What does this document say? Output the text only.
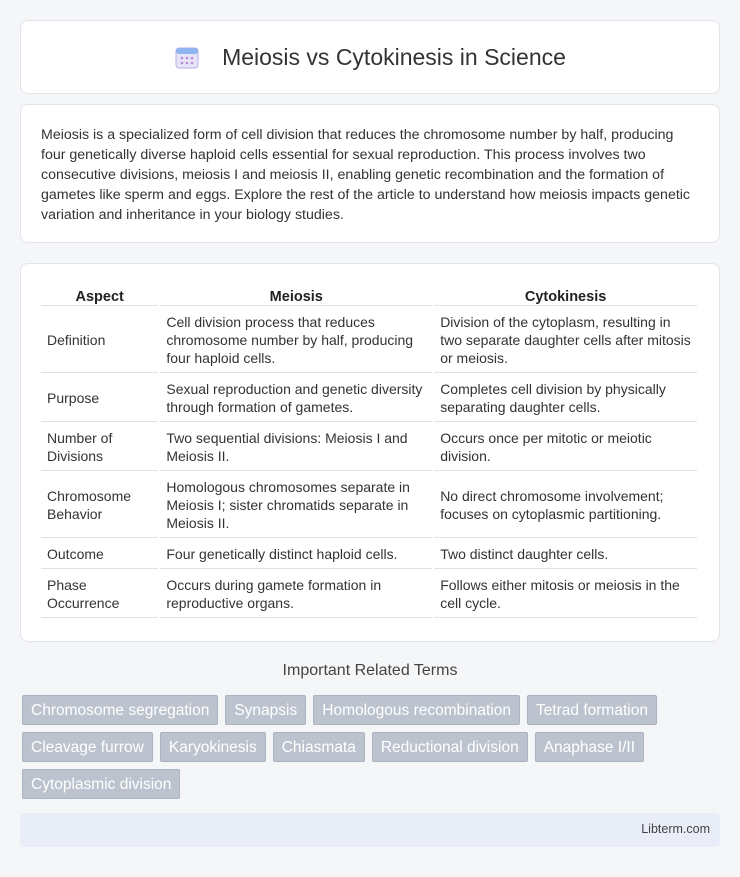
Meiosis vs Cytokinesis in Science

Meiosis is a specialized form of cell division that reduces the chromosome number by half, producing four genetically diverse haploid cells essential for sexual reproduction. This process involves two consecutive divisions, meiosis I and meiosis II, enabling genetic recombination and the formation of gametes like sperm and eggs. Explore the rest of the article to understand how meiosis impacts genetic variation and inheritance in your biology studies.

Aspect	Meiosis	Cytokinesis
Definition	Cell division process that reduces chromosome number by half, producing four haploid cells.	Division of the cytoplasm, resulting in two separate daughter cells after mitosis or meiosis.
Purpose	Sexual reproduction and genetic diversity through formation of gametes.	Completes cell division by physically separating daughter cells.
Number of Divisions	Two sequential divisions: Meiosis I and Meiosis II.	Occurs once per mitotic or meiotic division.
Chromosome Behavior	Homologous chromosomes separate in Meiosis I; sister chromatids separate in Meiosis II.	No direct chromosome involvement; focuses on cytoplasmic partitioning.
Outcome	Four genetically distinct haploid cells.	Two distinct daughter cells.
Phase Occurrence	Occurs during gamete formation in reproductive organs.	Follows either mitosis or meiosis in the cell cycle.
Important Related Terms
Chromosome segregation	Synapsis	Homologous recombination	Tetrad formation
Cleavage furrow	Karyokinesis	Chiasmata	Reductional division	Anaphase I/II
Cytoplasmic division
Libterm.com
